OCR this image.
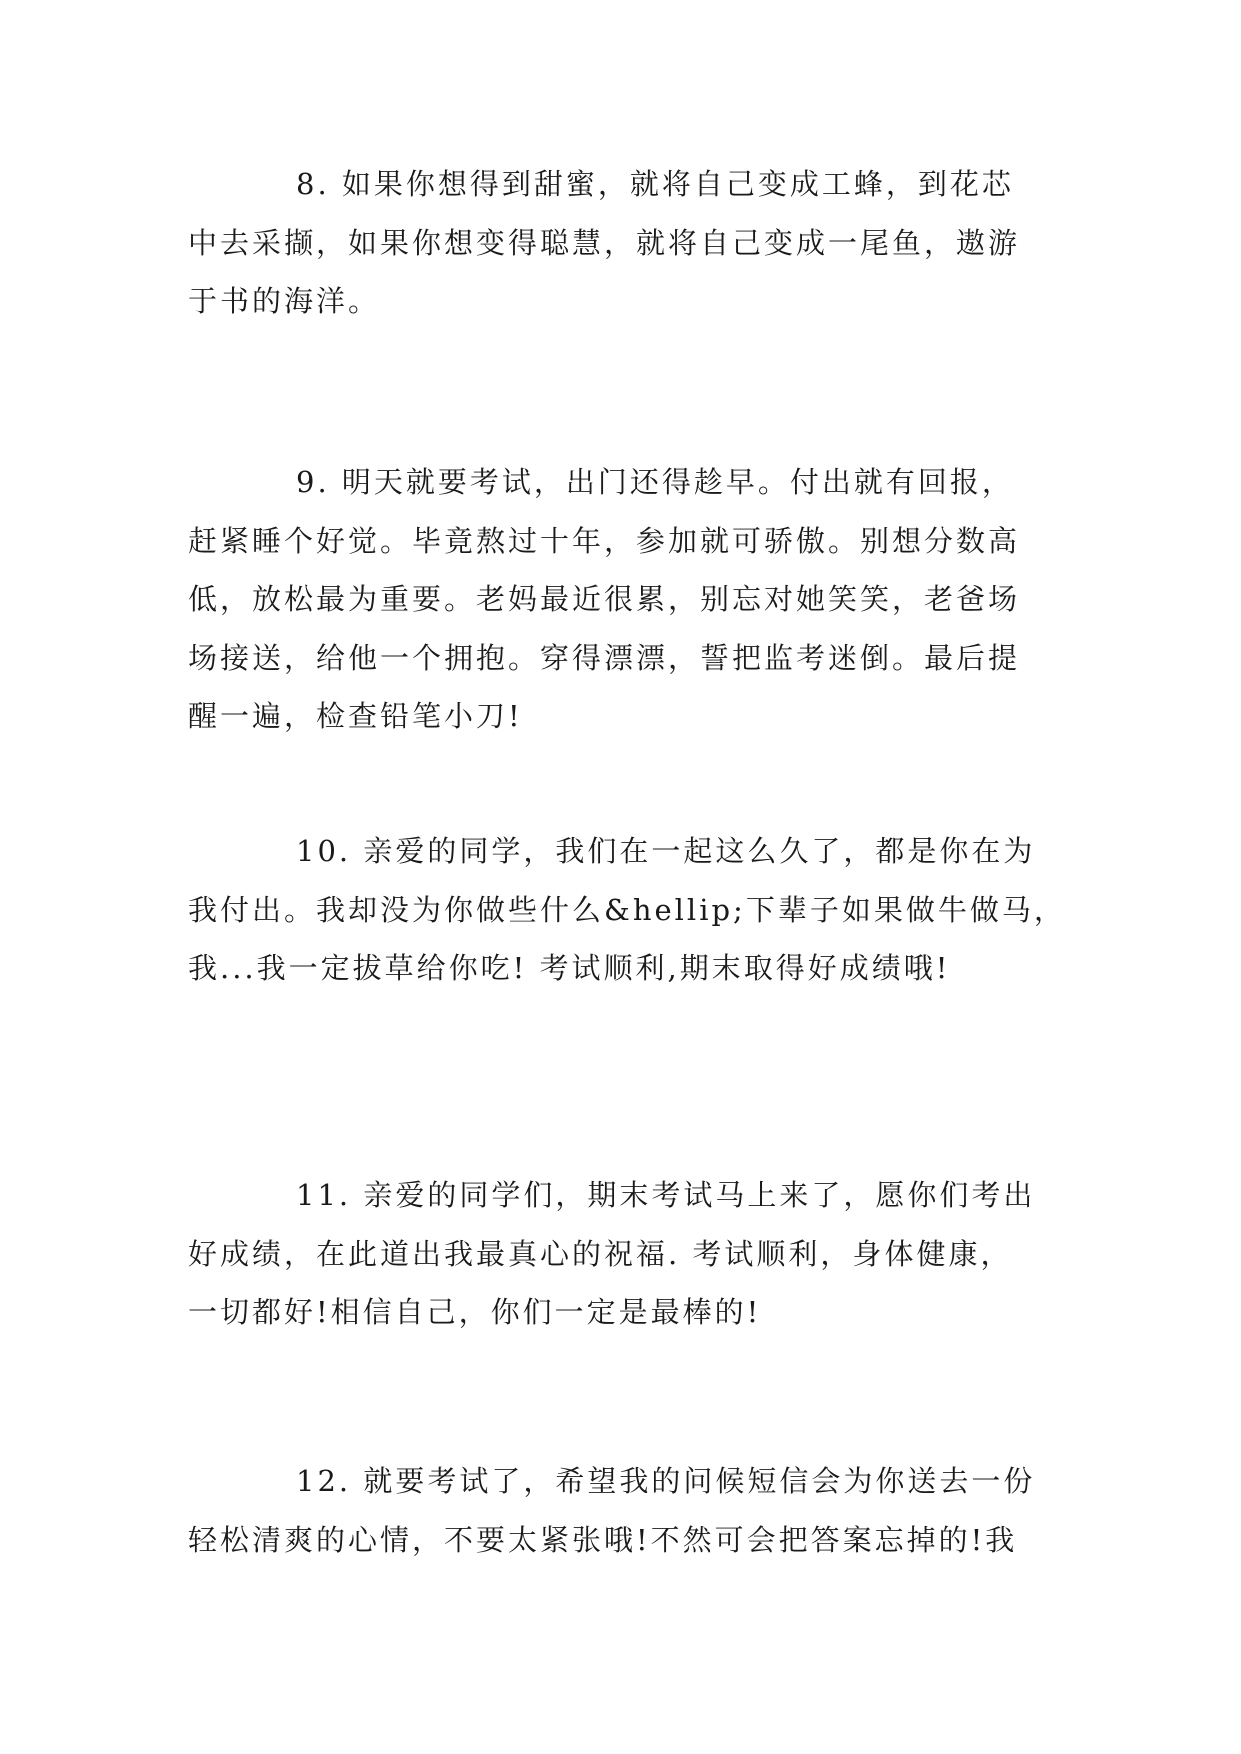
8. 如果你想得到甜蜜，就将自己变成工蜂，到花芯
中去采撷，如果你想变得聪慧，就将自己变成一尾鱼，遨游
于书的海洋。

9. 明天就要考试，出门还得趁早。付出就有回报，
赶紧睡个好觉。毕竟熬过十年，参加就可骄傲。别想分数高
低，放松最为重要。老妈最近很累，别忘对她笑笑，老爸场
场接送，给他一个拥抱。穿得漂漂，誓把监考迷倒。最后提
醒一遍，检查铅笔小刀!

10. 亲爱的同学，我们在一起这么久了，都是你在为
我付出。我却没为你做些什么&hellip;下辈子如果做牛做马，
我...我一定拔草给你吃! 考试顺利,期末取得好成绩哦!

11. 亲爱的同学们，期末考试马上来了，愿你们考出
好成绩，在此道出我最真心的祝福. 考试顺利，身体健康，
一切都好!相信自己，你们一定是最棒的!

12. 就要考试了，希望我的问候短信会为你送去一份
轻松清爽的心情，不要太紧张哦!不然可会把答案忘掉的!我
